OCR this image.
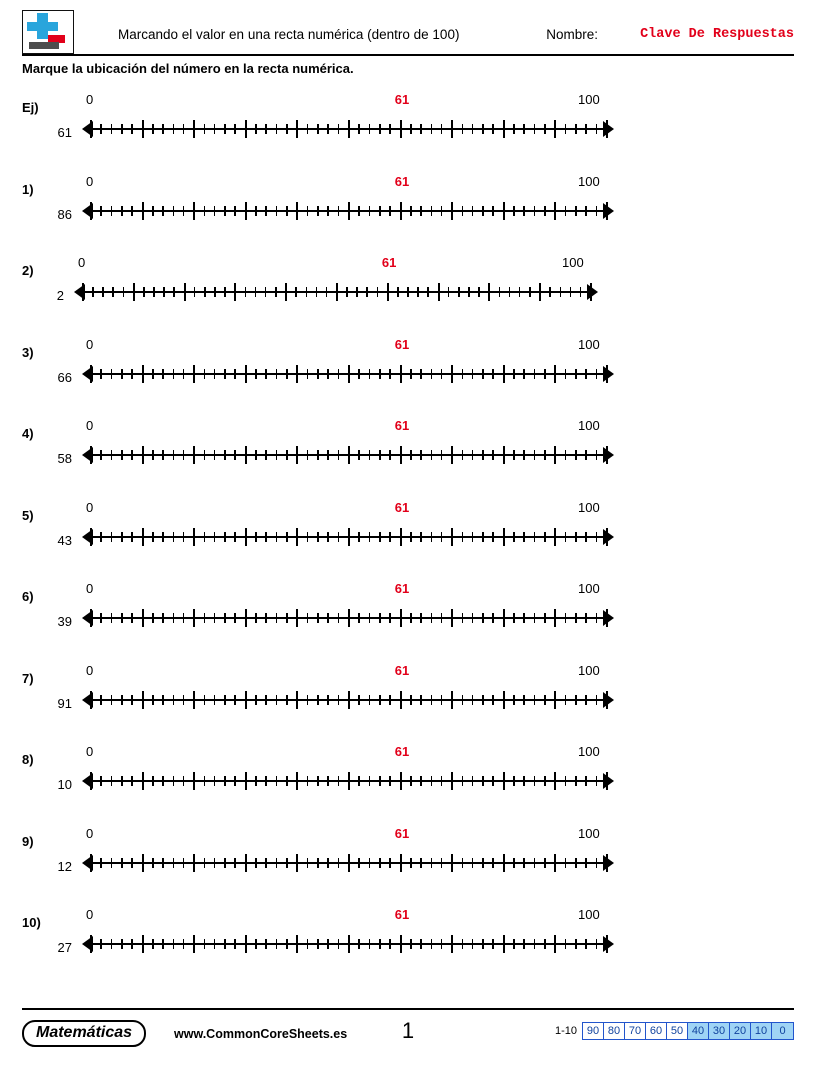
Marcando el valor en una recta numérica (dentro de 100)	Nombre:	Clave De Respuestas
Marque la ubicación del número en la recta numérica.
Ej)
61
0	61	100
1)
86
0	61	100
2)
2
0	61	100
3)
66
0	61	100
4)
58
0	61	100
5)
43
0	61	100
6)
39
0	61	100
7)
91
0	61	100
8)
10
0	61	100
9)
12
0	61	100
10)
27
0	61	100
Matemáticas	www.CommonCoreSheets.es 1	1-10 90 80 70 60 50 40 30 20 10	0
